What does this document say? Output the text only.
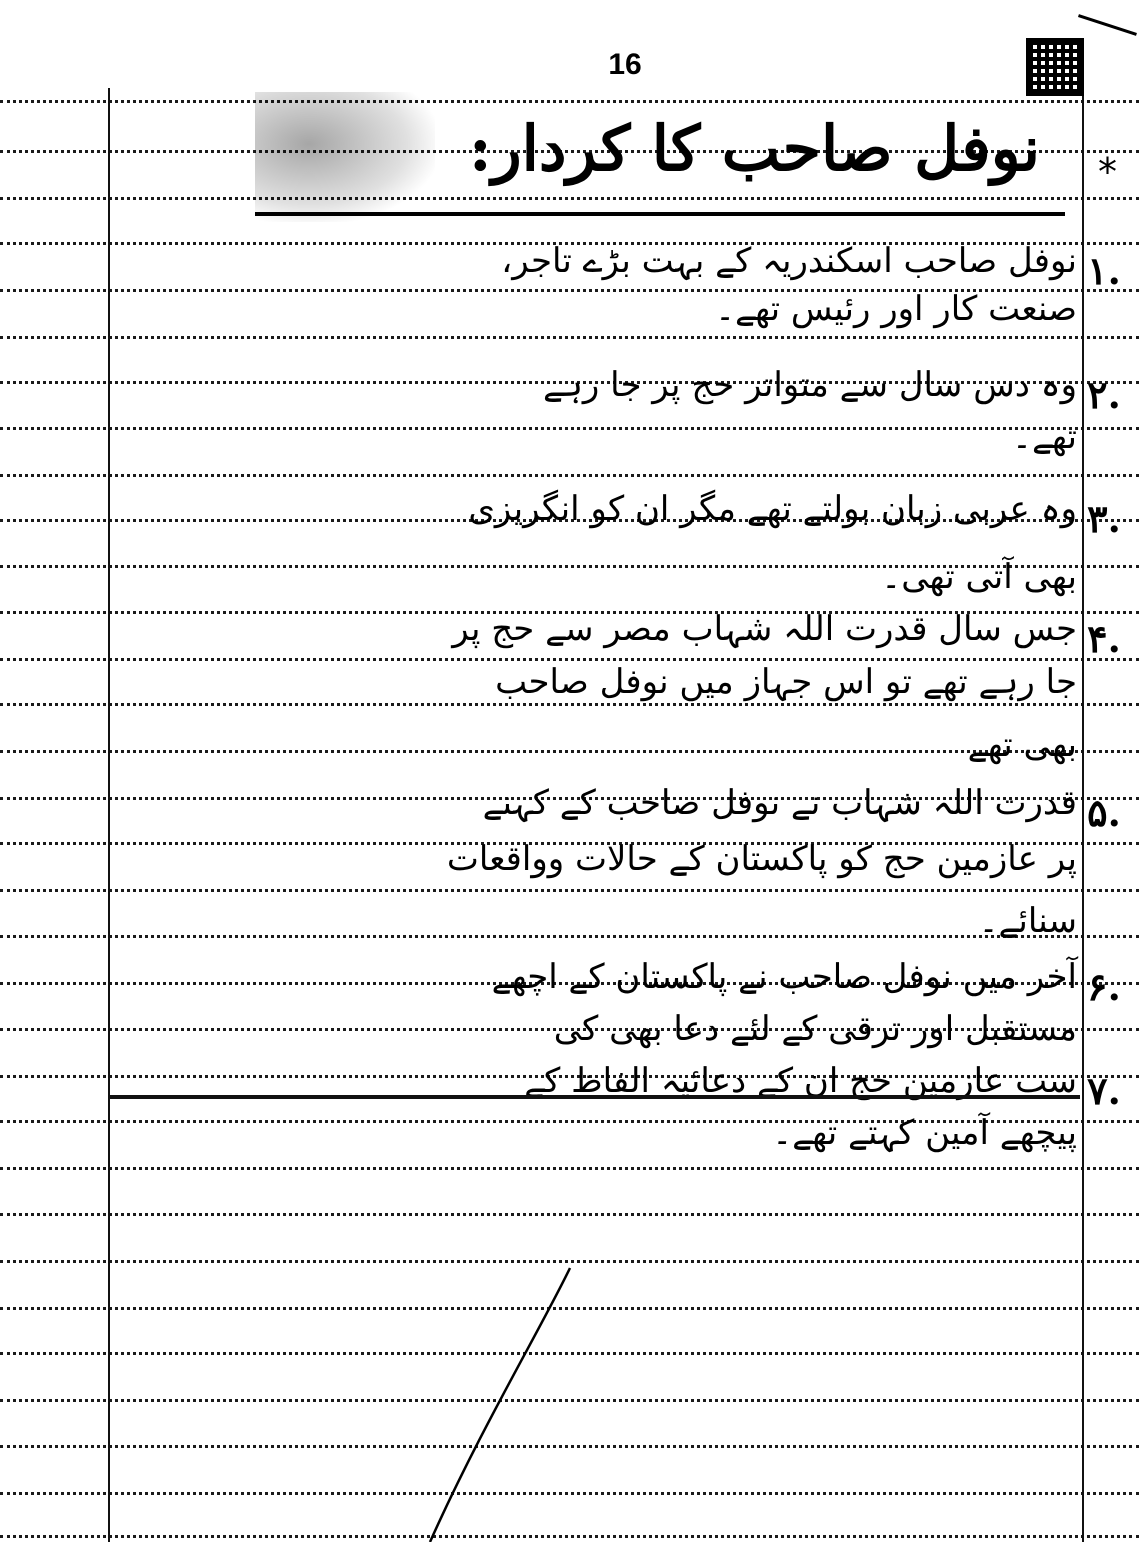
16
نوفل صاحب کا کردار: *
۱.
نوفل صاحب اسکندریہ کے بہت بڑے تاجر،
صنعت کار اور رئیس تھے۔
۲.
وہ دس سال سے متواتر حج پر جا رہے
تھے۔
۳.
وہ عربی زبان بولتے تھے مگر ان کو انگریزی
بھی آتی تھی۔
۴.
جس سال قدرت اللہ شہاب مصر سے حج پر
جا رہے تھے تو اس جہاز میں نوفل صاحب
بھی تھے
۵.
قدرت اللہ شہاب نے نوفل صاحب کے کہنے
پر عازمین حج کو پاکستان کے حالات وواقعات
سنائے۔
۶.
آخر میں نوفل صاحب نے پاکستان کے اچھے
مستقبل اور ترقی کے لئے دعا بھی کی
۷.
سب عازمین حج ان کے دعائیہ الفاظ کے
پیچھے آمین کہتے تھے۔
